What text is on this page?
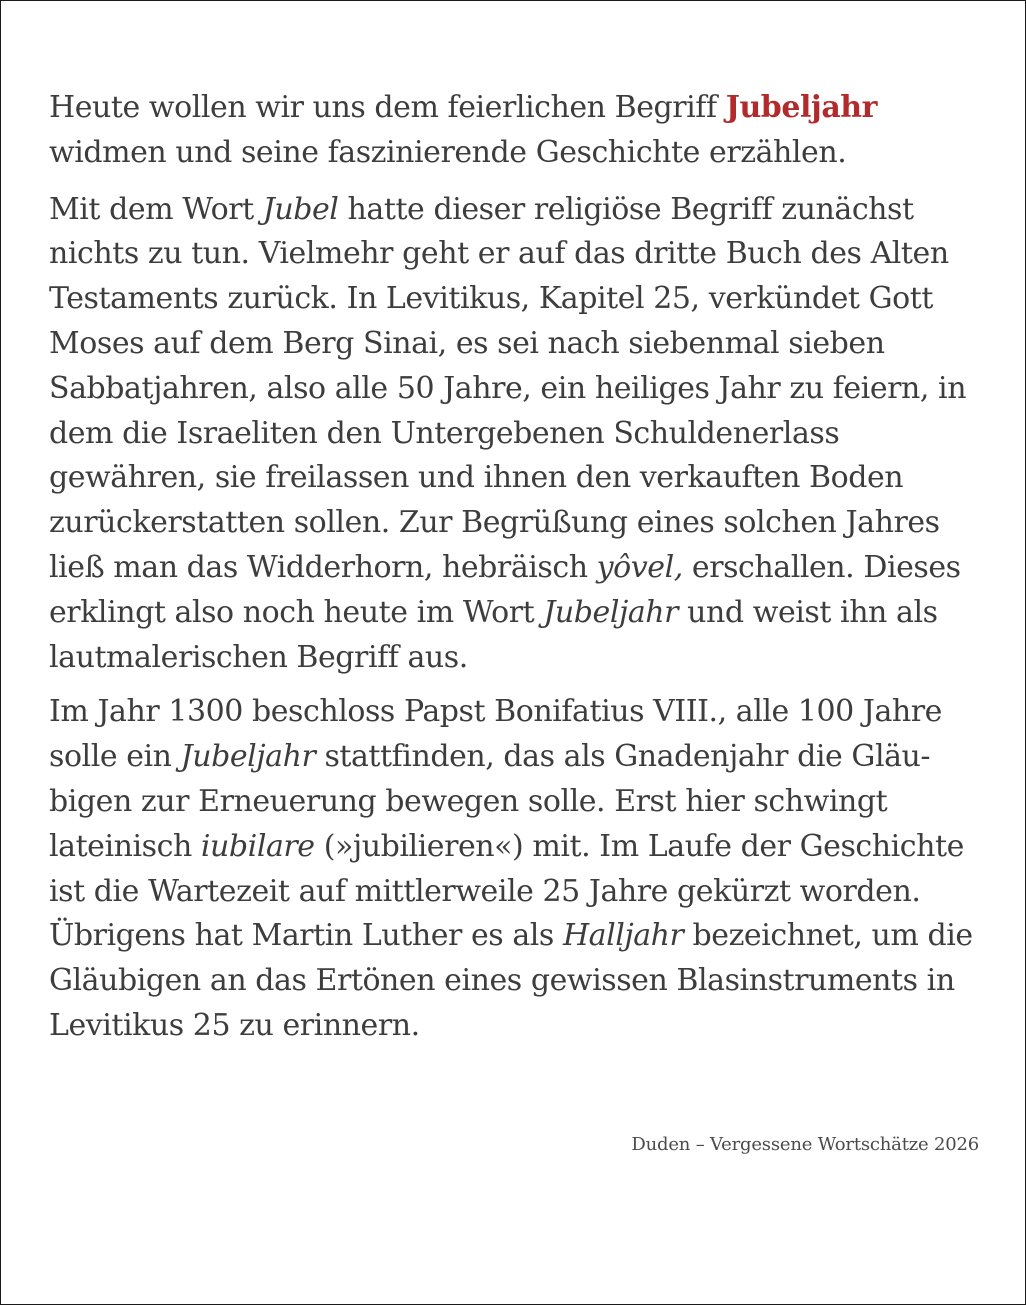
Heute wollen wir uns dem feierlichen Begriff Jubeljahr
widmen und seine faszinierende Geschichte erzählen.

Mit dem Wort Jubel hatte dieser religiöse Begriff zunächst nichts zu tun. Vielmehr geht er auf das dritte Buch des Alten Testaments zurück. In Levitikus, Kapitel 25, verkündet Gott Moses auf dem Berg Sinai, es sei nach siebenmal sieben Sabbatjahren, also alle 50 Jahre, ein heiliges Jahr zu feiern, in dem die Israeliten den Untergebenen Schuldenerlass gewähren, sie freilassen und ihnen den verkauften Boden zurückerstatten sollen. Zur Begrüßung eines solchen Jahres ließ man das Widderhorn, hebräisch yôvel, erschallen. Dieses erklingt also noch heute im Wort Jubeljahr und weist ihn als lautmalerischen Begriff aus.

Im Jahr 1300 beschloss Papst Bonifatius VIII., alle 100 Jahre solle ein Jubeljahr stattfinden, das als Gnadenjahr die Gläubigen zur Erneuerung bewegen solle. Erst hier schwingt lateinisch iubilare (»jubilieren«) mit. Im Laufe der Geschichte ist die Wartezeit auf mittlerweile 25 Jahre gekürzt worden. Übrigens hat Martin Luther es als Halljahr bezeichnet, um die Gläubigen an das Ertönen eines gewissen Blasinstruments in Levitikus 25 zu erinnern.

Duden – Vergessene Wortschätze 2026
